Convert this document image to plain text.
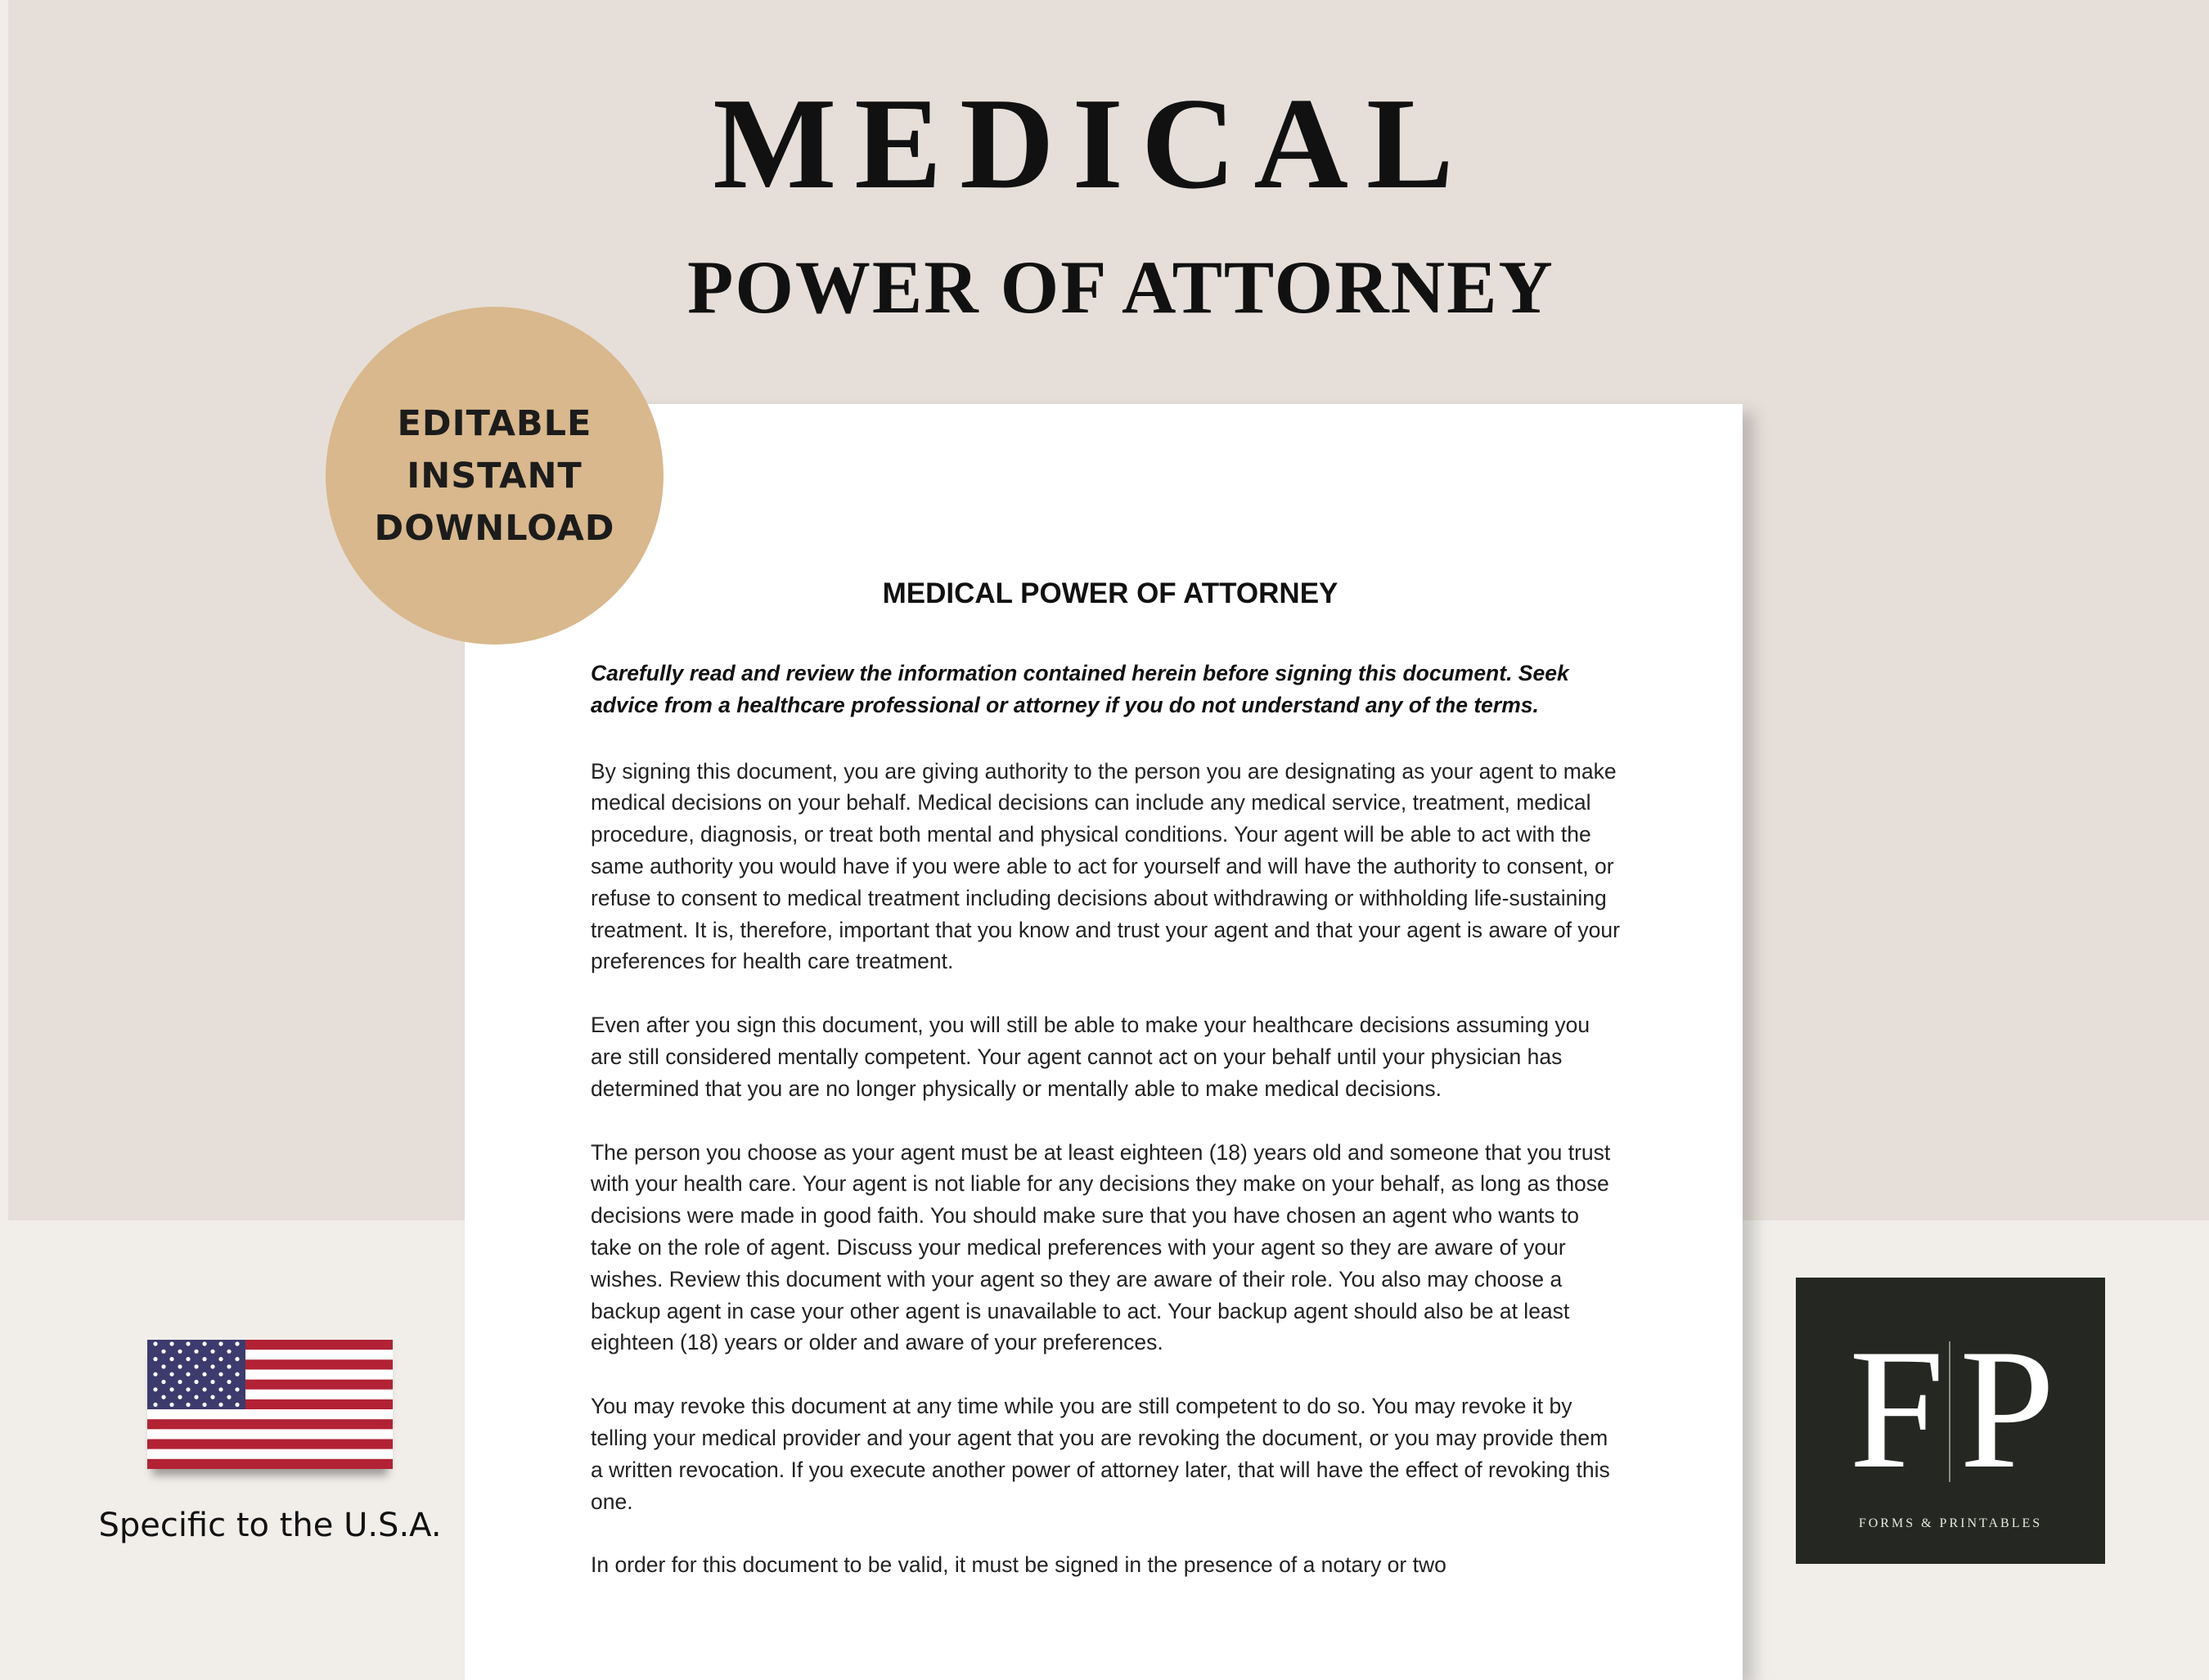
MEDICAL
POWER OF ATTORNEY
MEDICAL POWER OF ATTORNEY

Carefully read and review the information contained herein before signing this document. Seek advice from a healthcare professional or attorney if you do not understand any of the terms.

By signing this document, you are giving authority to the person you are designating as your agent to make medical decisions on your behalf. Medical decisions can include any medical service, treatment, medical procedure, diagnosis, or treat both mental and physical conditions. Your agent will be able to act with the same authority you would have if you were able to act for yourself and will have the authority to consent, or refuse to consent to medical treatment including decisions about withdrawing or withholding life-sustaining treatment. It is, therefore, important that you know and trust your agent and that your agent is aware of your preferences for health care treatment.

Even after you sign this document, you will still be able to make your healthcare decisions assuming you are still considered mentally competent. Your agent cannot act on your behalf until your physician has determined that you are no longer physically or mentally able to make medical decisions.

The person you choose as your agent must be at least eighteen (18) years old and someone that you trust with your health care. Your agent is not liable for any decisions they make on your behalf, as long as those decisions were made in good faith. You should make sure that you have chosen an agent who wants to take on the role of agent. Discuss your medical preferences with your agent so they are aware of your wishes. Review this document with your agent so they are aware of their role. You also may choose a backup agent in case your other agent is unavailable to act. Your backup agent should also be at least eighteen (18) years or older and aware of your preferences.

You may revoke this document at any time while you are still competent to do so. You may revoke it by telling your medical provider and your agent that you are revoking the document, or you may provide them a written revocation. If you execute another power of attorney later, that will have the effect of revoking this one.

In order for this document to be valid, it must be signed in the presence of a notary or two

EDITABLE
INSTANT
DOWNLOAD
Specific to the U.S.A.
F P
FORMS & PRINTABLES
